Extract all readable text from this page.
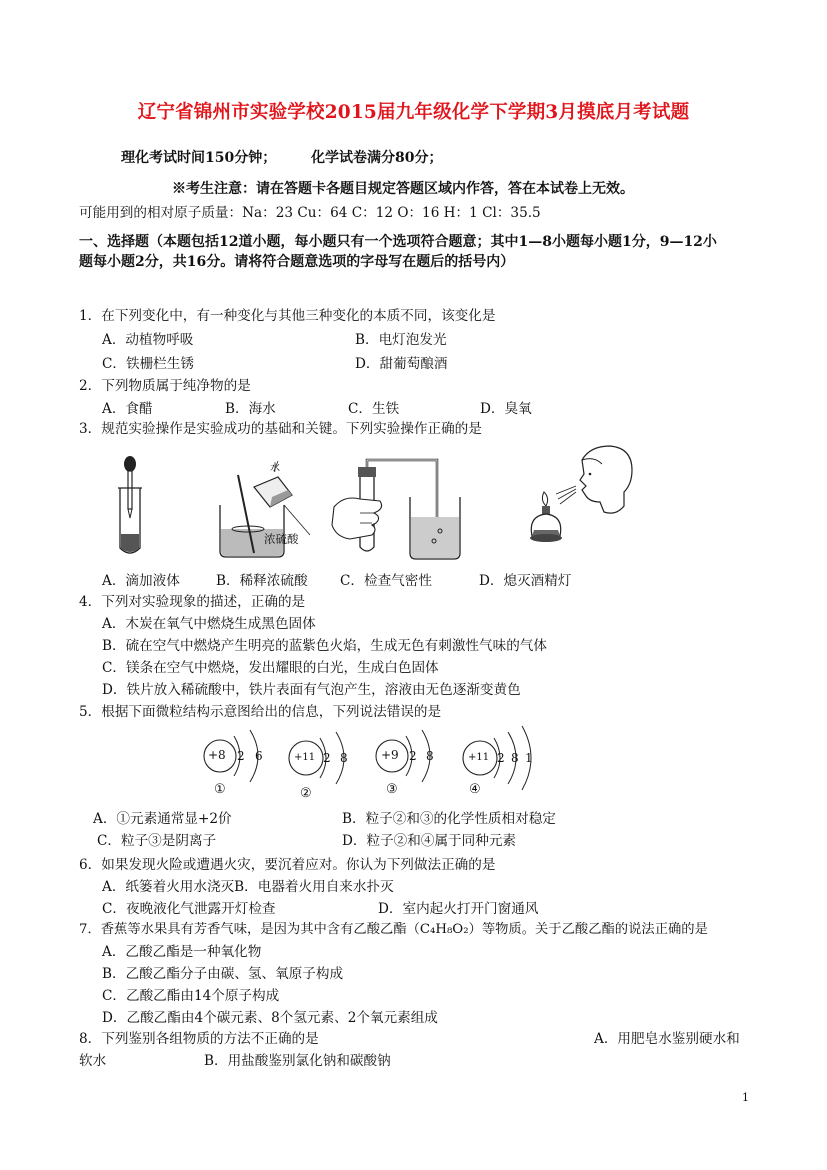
辽宁省锦州市实验学校2015届九年级化学下学期3月摸底月考试题
理化考试时间150分钟； 化学试卷满分80分；
※考生注意：请在答题卡各题目规定答题区域内作答，答在本试卷上无效。
可能用到的相对原子质量：Na：23 Cu：64 C：12 O：16 H：1 Cl：35.5
一、选择题（本题包括12道小题，每小题只有一个选项符合题意；其中1—8小题每小题1分，9—12小
题每小题2分，共16分。请将符合题意选项的字母写在题后的括号内）
1．在下列变化中，有一种变化与其他三种变化的本质不同，该变化是
A．动植物呼吸	B．电灯泡发光
C．铁栅栏生锈	D．甜葡萄酿酒
2．下列物质属于纯净物的是
A．食醋	B．海水	C．生铁	D．臭氧
3．规范实验操作是实验成功的基础和关键。下列实验操作正确的是
水
浓硫酸
A．滴加液体	B．稀释浓硫酸 C．检查气密性	D．熄灭酒精灯
4．下列对实验现象的描述，正确的是
A．木炭在氧气中燃烧生成黑色固体
B．硫在空气中燃烧产生明亮的蓝紫色火焰，生成无色有刺激性气味的气体
C．镁条在空气中燃烧，发出耀眼的白光，生成白色固体
D．铁片放入稀硫酸中，铁片表面有气泡产生，溶液由无色逐渐变黄色
5．根据下面微粒结构示意图给出的信息，下列说法错误的是
+8 2 6
①
+11 2 8
②
+9 2 8
③
+11 2 8 1
④
A．①元素通常显+2价	B．粒子②和③的化学性质相对稳定
C．粒子③是阴离子	D．粒子②和④属于同种元素
6．如果发现火险或遭遇火灾，要沉着应对。你认为下列做法正确的是
A．纸篓着火用水浇灭B．电器着火用自来水扑灭
C．夜晚液化气泄露开灯检查	D．室内起火打开门窗通风
7．香蕉等水果具有芳香气味，是因为其中含有乙酸乙酯（C₄H₈O₂）等物质。关于乙酸乙酯的说法正确的是
A．乙酸乙酯是一种氧化物
B．乙酸乙酯分子由碳、氢、氧原子构成
C．乙酸乙酯由14个原子构成
D．乙酸乙酯由4个碳元素、8个氢元素、2个氧元素组成
8．下列鉴别各组物质的方法不正确的是	A．用肥皂水鉴别硬水和
软水	B．用盐酸鉴别氯化钠和碳酸钠
1
